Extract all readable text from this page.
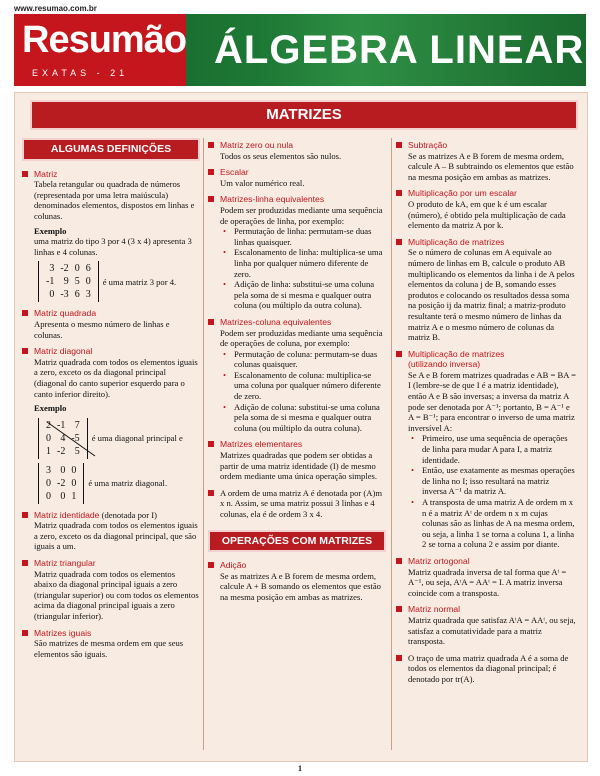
www.resumao.com.br
Resumão
EXATAS - 21
ÁLGEBRA LINEAR
MATRIZES
ALGUMAS DEFINIÇÕES
Matriz
Tabela retangular ou quadrada de números (representada por uma letra maiúscula) denominados elementos, dispostos em linhas e colunas.
Exemplo
uma matriz do tipo 3 por 4 (3 x 4) apresenta 3 linhas e 4 colunas.
3	-2	0	6
-1	9	5	0
0	-3	6	3
é uma matriz 3 por 4.
Matriz quadrada
Apresenta o mesmo número de linhas e colunas.
Matriz diagonal
Matriz quadrada com todos os elementos iguais a zero, exceto os da diagonal principal (diagonal do canto superior esquerdo para o canto inferior direito).
Exemplo
2	-1	7
0	4	-5
1	-2	5
é uma diagonal principal e
3	0	0
0	-2	0
0	0	1
é uma matriz diagonal.
Matriz identidade (denotada por I)
Matriz quadrada com todos os elementos iguais a zero, exceto os da diagonal principal, que são iguais a um.
Matriz triangular
Matriz quadrada com todos os elementos abaixo da diagonal principal iguais a zero (triangular superior) ou com todos os elementos acima da diagonal principal iguais a zero (triangular inferior).
Matrizes iguais
São matrizes de mesma ordem em que seus elementos são iguais.
Matriz zero ou nula
Todos os seus elementos são nulos.
Escalar
Um valor numérico real.
Matrizes-linha equivalentes
Podem ser produzidas mediante uma sequência de operações de linha, por exemplo:
• Permutação de linha: permutam-se duas linhas quaisquer.
• Escalonamento de linha: multiplica-se uma linha por qualquer número diferente de zero.
• Adição de linha: substitui-se uma coluna pela soma de si mesma e qualquer outra coluna (ou múltiplo da outra coluna).
Matrizes-coluna equivalentes
Podem ser produzidas mediante uma sequência de operações de coluna, por exemplo:
• Permutação de coluna: permutam-se duas colunas quaisquer.
• Escalonamento de coluna: multiplica-se uma coluna por qualquer número diferente de zero.
• Adição de coluna: substitui-se uma coluna pela soma de si mesma e qualquer outra coluna (ou múltiplo da outra coluna).
Matrizes elementares
Matrizes quadradas que podem ser obtidas a partir de uma matriz identidade (I) de mesmo ordem mediante uma única operação simples.
A ordem de uma matriz A é denotada por (A)m x n. Assim, se uma matriz possui 3 linhas e 4 colunas, ela é de ordem 3 x 4.
OPERAÇÕES COM MATRIZES
Adição
Se as matrizes A e B forem de mesma ordem, calcule A + B somando os elementos que estão na mesma posição em ambas as matrizes.
Subtração
Se as matrizes A e B forem de mesma ordem, calcule A – B subtraindo os elementos que estão na mesma posição em ambas as matrizes.
Multiplicação por um escalar
O produto de kA, em que k é um escalar (número), é obtido pela multiplicação de cada elemento da matriz A por k.
Multiplicação de matrizes
Se o número de colunas em A equivale ao número de linhas em B, calcule o produto AB multiplicando os elementos da linha i de A pelos elementos da coluna j de B, somando esses produtos e colocando os resultados dessa soma na posição ij da matriz final; a matriz-produto resultante terá o mesmo número de linhas da matriz A e o mesmo número de colunas da matriz B.
Multiplicação de matrizes
(utilizando inversa)
Se A e B forem matrizes quadradas e AB = BA = I (lembre-se de que I é a matriz identidade), então A e B são inversas; a inversa da matriz A pode ser denotada por A⁻¹; portanto, B = A⁻¹ e A = B⁻¹; para encontrar o inverso de uma matriz inversível A:
• Primeiro, use uma sequência de operações de linha para mudar A para I, a matriz identidade.
• Então, use exatamente as mesmas operações de linha no I; isso resultará na matriz inversa A⁻¹ da matriz A.
• A transposta de uma matriz A de ordem m x n é a matriz Aᵗ de ordem n x m cujas colunas são as linhas de A na mesma ordem, ou seja, a linha 1 se torna a coluna 1, a linha 2 se torna a coluna 2 e assim por diante.
Matriz ortogonal
Matriz quadrada inversa de tal forma que Aᵗ = A⁻¹, ou seja, AᵗA = AAᵗ = I. A matriz inversa coincide com a transposta.
Matriz normal
Matriz quadrada que satisfaz AᵗA = AAᵗ, ou seja, satisfaz a comutatividade para a matriz transposta.
O traço de uma matriz quadrada A é a soma de todos os elementos da diagonal principal; é denotado por tr(A).
1
